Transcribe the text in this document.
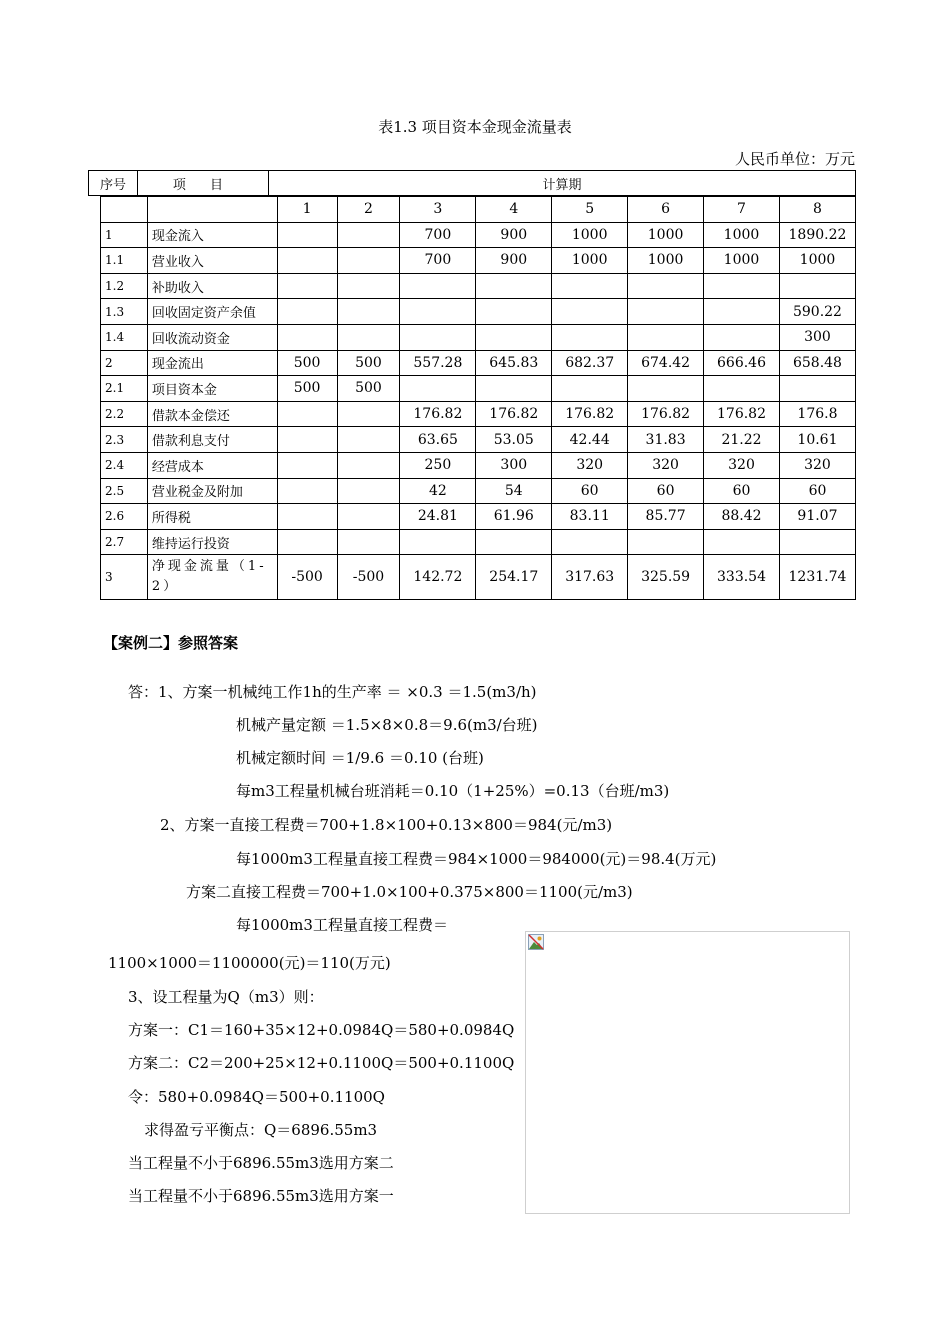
表1.3 项目资本金现金流量表
人民币单位：万元
序号	项 目	计算期
		1	2	3	4	5	6	7	8
1	现金流入			700	900	1000	1000	1000	1890.22
1.1	营业收入			700	900	1000	1000	1000	1000
1.2	补助收入								
1.3	回收固定资产余值								590.22
1.4	回收流动资金								300
2	现金流出	500	500	557.28	645.83	682.37	674.42	666.46	658.48
2.1	项目资本金	500	500						
2.2	借款本金偿还			176.82	176.82	176.82	176.82	176.82	176.8
2.3	借款利息支付			63.65	53.05	42.44	31.83	21.22	10.61
2.4	经营成本			250	300	320	320	320	320
2.5	营业税金及附加			42	54	60	60	60	60
2.6	所得税			24.81	61.96	83.11	85.77	88.42	91.07
2.7	维持运行投资								
3	净现金流量（1-2）	-500	-500	142.72	254.17	317.63	325.59	333.54	1231.74
【案例二】参照答案
答：1、方案一机械纯工作1h的生产率 ＝ ×0.3 ＝1.5(m3/h)
机械产量定额 ＝1.5×8×0.8＝9.6(m3/台班)
机械定额时间 ＝1/9.6 ＝0.10 (台班)
每m3工程量机械台班消耗＝0.10（1+25%）=0.13（台班/m3)
2、方案一直接工程费＝700+1.8×100+0.13×800＝984(元/m3)
每1000m3工程量直接工程费＝984×1000＝984000(元)＝98.4(万元)
方案二直接工程费＝700+1.0×100+0.375×800＝1100(元/m3)
每1000m3工程量直接工程费＝
1100×1000＝1100000(元)＝110(万元)
3、设工程量为Q（m3）则：
方案一：C1＝160+35×12+0.0984Q＝580+0.0984Q
方案二：C2＝200+25×12+0.1100Q＝500+0.1100Q
令：580+0.0984Q＝500+0.1100Q
求得盈亏平衡点：Q＝6896.55m3
当工程量不小于6896.55m3选用方案二
当工程量不小于6896.55m3选用方案一
